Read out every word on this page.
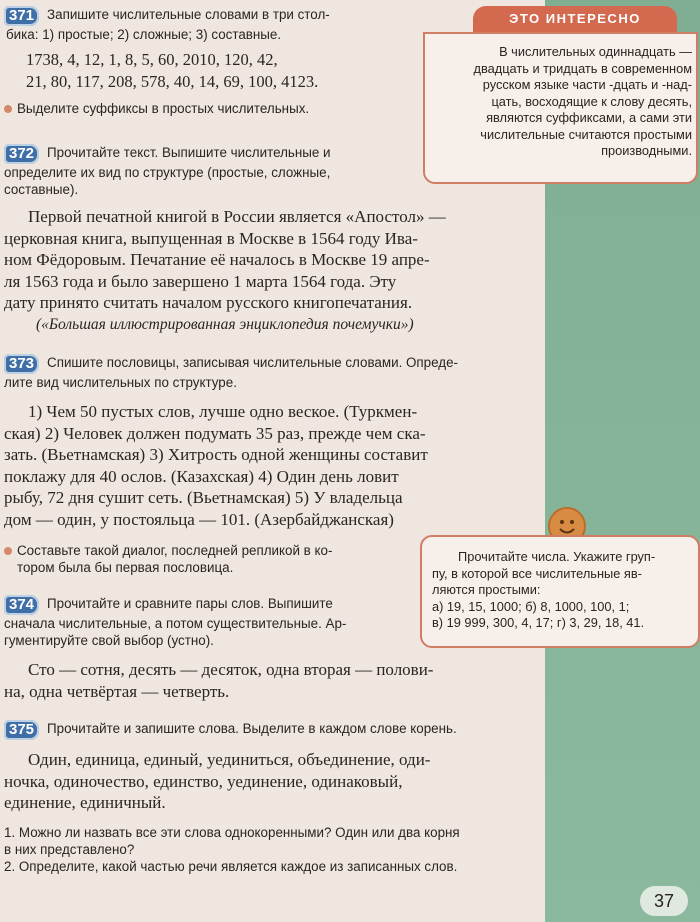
ЭТО ИНТЕРЕСНО
В числительных одиннадцать —
двадцать и тридцать в современном
русском языке части -дцать и -над-
цать, восходящие к слову десять,
являются суффиксами, а сами эти
числительные считаются простыми
производными.
371 Запишите числительные словами в три стол-
бика: 1) простые; 2) сложные; 3) составные.
1738, 4, 12, 1, 8, 5, 60, 2010, 120, 42,
21, 80, 117, 208, 578, 40, 14, 69, 100, 4123.
Выделите суффиксы в простых числительных.
372 Прочитайте текст. Выпишите числительные и
определите их вид по структуре (простые, сложные,
составные).
Первой печатной книгой в России является «Апостол» —
церковная книга, выпущенная в Москве в 1564 году Ива-
ном Фёдоровым. Печатание её началось в Москве 19 апре-
ля 1563 года и было завершено 1 марта 1564 года. Эту
дату принято считать началом русского книгопечатания.
(«Большая иллюстрированная энциклопедия почемучки»)
373 Спишите пословицы, записывая числительные словами. Опреде-
лите вид числительных по структуре.
1) Чем 50 пустых слов, лучше одно веское. (Туркмен-
ская) 2) Человек должен подумать 35 раз, прежде чем ска-
зать. (Вьетнамская) 3) Хитрость одной женщины составит
поклажу для 40 ослов. (Казахская) 4) Один день ловит
рыбу, 72 дня сушит сеть. (Вьетнамская) 5) У владельца
дом — один, у постояльца — 101. (Азербайджанская)
Составьте такой диалог, последней репликой в ко-
тором была бы первая пословица.
Прочитайте числа. Укажите груп-
пу, в которой все числительные яв-
ляются простыми:
а) 19, 15, 1000; б) 8, 1000, 100, 1;
в) 19 999, 300, 4, 17; г) 3, 29, 18, 41.
374 Прочитайте и сравните пары слов. Выпишите
сначала числительные, а потом существительные. Ар-
гументируйте свой выбор (устно).
Сто — сотня, десять — десяток, одна вторая — полови-
на, одна четвёртая — четверть.
375 Прочитайте и запишите слова. Выделите в каждом слове корень.
Один, единица, единый, уединиться, объединение, оди-
ночка, одиночество, единство, уединение, одинаковый,
единение, единичный.
1. Можно ли назвать все эти слова однокоренными? Один или два корня
в них представлено?
2. Определите, какой частью речи является каждое из записанных слов.
37
